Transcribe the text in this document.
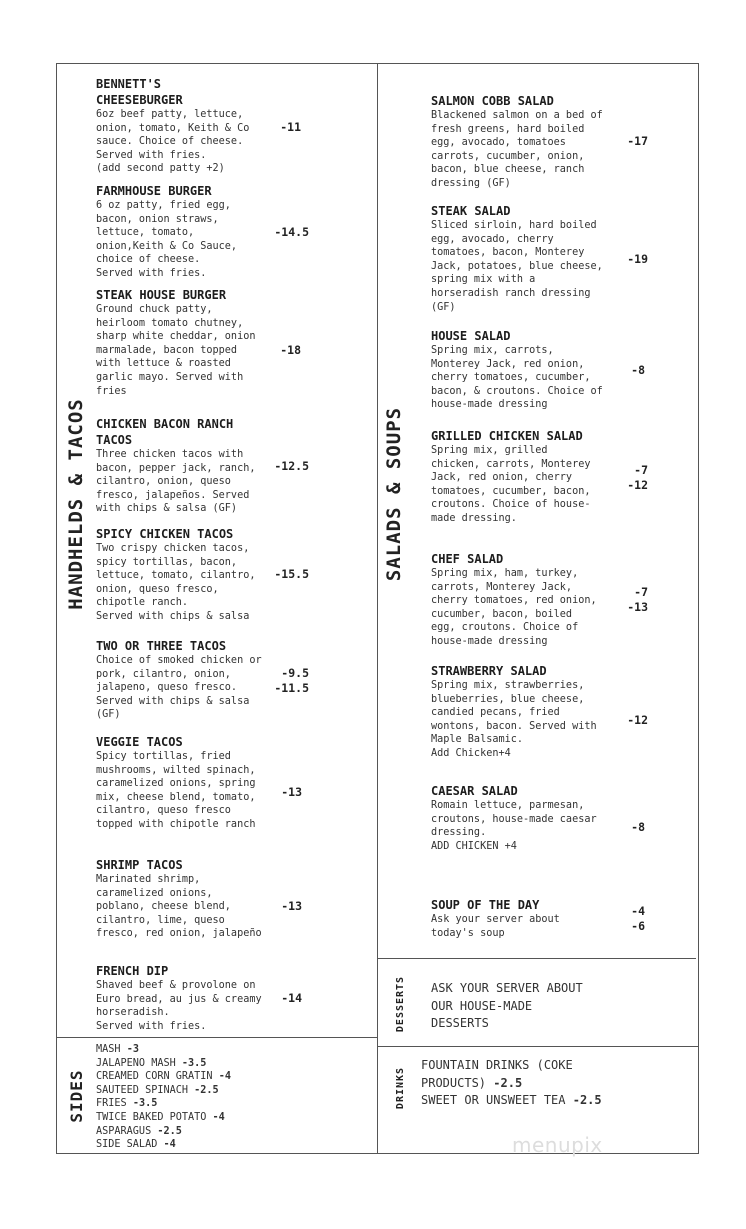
HANDHELDS & TACOS	SALADS & SOUPS
SIDES
DESSERTS
DRINKS
BENNETT'S
CHEESEBURGER
6oz beef patty, lettuce,
onion, tomato, Keith & Co
sauce. Choice of cheese.
Served with fries.
(add second patty +2)
-11
FARMHOUSE BURGER
6 oz patty, fried egg,
bacon, onion straws,
lettuce, tomato,
onion,Keith & Co Sauce,
choice of cheese.
Served with fries.
-14.5
STEAK HOUSE BURGER
Ground chuck patty,
heirloom tomato chutney,
sharp white cheddar, onion
marmalade, bacon topped
with lettuce & roasted
garlic mayo. Served with
fries
-18
CHICKEN BACON RANCH
TACOS
Three chicken tacos with
bacon, pepper jack, ranch,
cilantro, onion, queso
fresco, jalapeños. Served
with chips & salsa (GF)
-12.5
SPICY CHICKEN TACOS
Two crispy chicken tacos,
spicy tortillas, bacon,
lettuce, tomato, cilantro,
onion, queso fresco,
chipotle ranch.
Served with chips & salsa
-15.5
TWO OR THREE TACOS
Choice of smoked chicken or
pork, cilantro, onion,
jalapeno, queso fresco.
Served with chips & salsa
(GF)
-9.5
-11.5
VEGGIE TACOS
Spicy tortillas, fried
mushrooms, wilted spinach,
caramelized onions, spring
mix, cheese blend, tomato,
cilantro, queso fresco
topped with chipotle ranch
-13
SHRIMP TACOS
Marinated shrimp,
caramelized onions,
poblano, cheese blend,
cilantro, lime, queso
fresco, red onion, jalapeño
-13
FRENCH DIP
Shaved beef & provolone on
Euro bread, au jus & creamy
horseradish.
Served with fries.
-14
SALMON COBB SALAD
Blackened salmon on a bed of
fresh greens, hard boiled
egg, avocado, tomatoes
carrots, cucumber, onion,
bacon, blue cheese, ranch
dressing (GF)
-17
STEAK SALAD
Sliced sirloin, hard boiled
egg, avocado, cherry
tomatoes, bacon, Monterey
Jack, potatoes, blue cheese,
spring mix with a
horseradish ranch dressing
(GF)
-19
HOUSE SALAD
Spring mix, carrots,
Monterey Jack, red onion,
cherry tomatoes, cucumber,
bacon, & croutons. Choice of
house-made dressing
-8
GRILLED CHICKEN SALAD
Spring mix, grilled
chicken, carrots, Monterey
Jack, red onion, cherry
tomatoes, cucumber, bacon,
croutons. Choice of house-
made dressing.
-7
-12
CHEF SALAD
Spring mix, ham, turkey,
carrots, Monterey Jack,
cherry tomatoes, red onion,
cucumber, bacon, boiled
egg, croutons. Choice of
house-made dressing
-7
-13
STRAWBERRY SALAD
Spring mix, strawberries,
blueberries, blue cheese,
candied pecans, fried
wontons, bacon. Served with
Maple Balsamic.
Add Chicken+4
-12
CAESAR SALAD
Romain lettuce, parmesan,
croutons, house-made caesar
dressing.
ADD CHICKEN +4
-8
SOUP OF THE DAY
Ask your server about
today's soup
-4
-6
ASK YOUR SERVER ABOUT
OUR HOUSE-MADE
DESSERTS
MASH -3
JALAPENO MASH -3.5
CREAMED CORN GRATIN -4
SAUTEED SPINACH -2.5
FRIES -3.5
TWICE BAKED POTATO -4
ASPARAGUS -2.5
SIDE SALAD -4
FOUNTAIN DRINKS (COKE
PRODUCTS) -2.5
SWEET OR UNSWEET TEA -2.5
menupix
